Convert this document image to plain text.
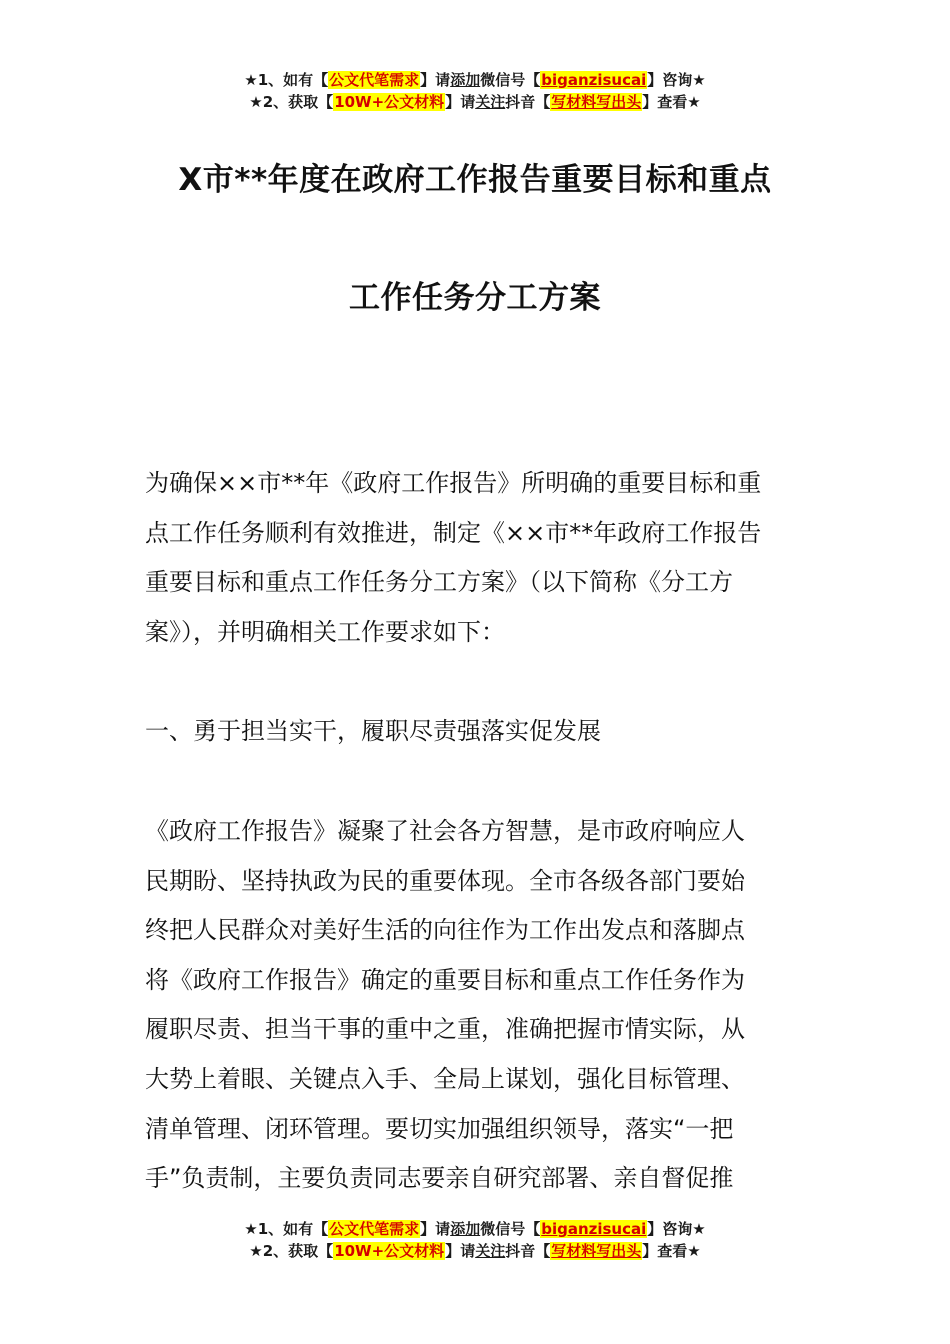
★1、如有【公文代笔需求】请添加微信号【biganzisucai】咨询★
★2、获取【10W+公文材料】请关注抖音【写材料写出头】查看★
X市**年度在政府工作报告重要目标和重点
工作任务分工方案
为确保××市**年《政府工作报告》所明确的重要目标和重
点工作任务顺利有效推进，制定《××市**年政府工作报告
重要目标和重点工作任务分工方案》（以下简称《分工方
案》），并明确相关工作要求如下：
一、勇于担当实干，履职尽责强落实促发展
《政府工作报告》凝聚了社会各方智慧，是市政府响应人
民期盼、坚持执政为民的重要体现。全市各级各部门要始
终把人民群众对美好生活的向往作为工作出发点和落脚点
将《政府工作报告》确定的重要目标和重点工作任务作为
履职尽责、担当干事的重中之重，准确把握市情实际，从
大势上着眼、关键点入手、全局上谋划，强化目标管理、
清单管理、闭环管理。要切实加强组织领导，落实“一把
手”负责制，主要负责同志要亲自研究部署、亲自督促推
★1、如有【公文代笔需求】请添加微信号【biganzisucai】咨询★
★2、获取【10W+公文材料】请关注抖音【写材料写出头】查看★
